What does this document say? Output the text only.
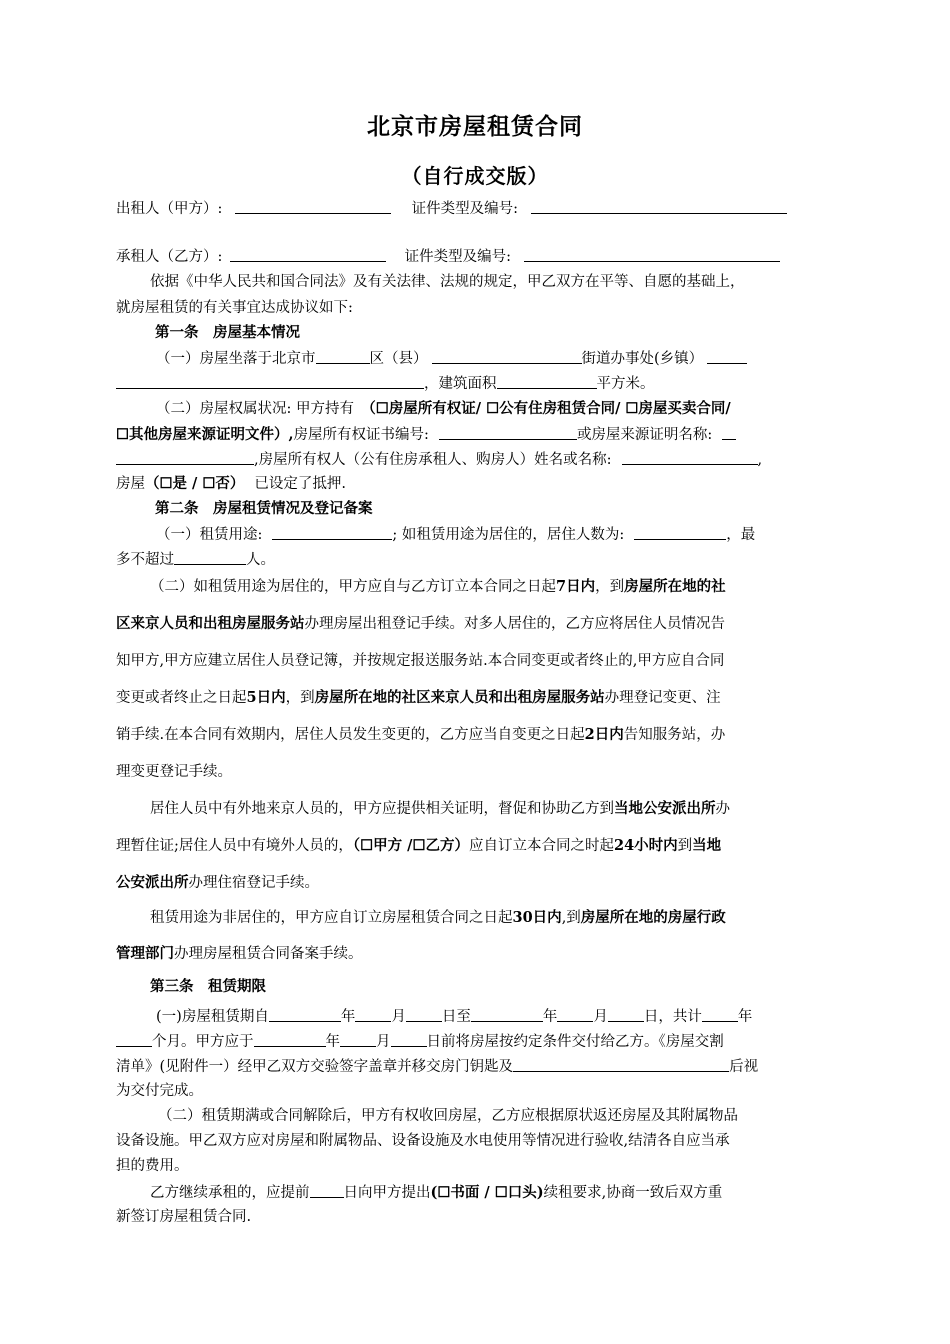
北京市房屋租赁合同
（自行成交版）
出租人（甲方）:	证件类型及编号:
承租人（乙方）:	证件类型及编号:
依据《中华人民共和国合同法》及有关法律、法规的规定，甲乙双方在平等、自愿的基础上，
就房屋租赁的有关事宜达成协议如下:
第一条　房屋基本情况
（一）房屋坐落于北京市	区（县）	街道办事处(乡镇）
，建筑面积	平方米。
（二）房屋权属状况: 甲方持有　（☐房屋所有权证/ ☐公有住房租赁合同/ ☐房屋买卖合同/
☐其他房屋来源证明文件）,房屋所有权证书编号:	或房屋来源证明名称:
,房屋所有权人（公有住房承租人、购房人）姓名或名称:	,
房屋（☐是 / ☐否） 已设定了抵押.
第二条　房屋租赁情况及登记备案
（一）租赁用途:	; 如租赁用途为居住的，居住人数为:	，最
多不超过	人。
（二）如租赁用途为居住的，甲方应自与乙方订立本合同之日起7日内，到房屋所在地的社
区来京人员和出租房屋服务站办理房屋出租登记手续。对多人居住的，乙方应将居住人员情况告
知甲方,甲方应建立居住人员登记簿，并按规定报送服务站.本合同变更或者终止的,甲方应自合同
变更或者终止之日起5日内，到房屋所在地的社区来京人员和出租房屋服务站办理登记变更、注
销手续.在本合同有效期内，居住人员发生变更的，乙方应当自变更之日起2日内告知服务站，办
理变更登记手续。
居住人员中有外地来京人员的，甲方应提供相关证明，督促和协助乙方到当地公安派出所办
理暂住证;居住人员中有境外人员的，（☐甲方 /☐乙方）应自订立本合同之时起24小时内到当地
公安派出所办理住宿登记手续。
租赁用途为非居住的，甲方应自订立房屋租赁合同之日起30日内,到房屋所在地的房屋行政
管理部门办理房屋租赁合同备案手续。
第三条　租赁期限
(一)房屋租赁期自	年 月 日至	年 月 日，共计 年
个月。甲方应于	年 月 日前将房屋按约定条件交付给乙方。《房屋交割
清单》(见附件一）经甲乙双方交验签字盖章并移交房门钥匙及	后视
为交付完成。
（二）租赁期满或合同解除后，甲方有权收回房屋，乙方应根据原状返还房屋及其附属物品
设备设施。甲乙双方应对房屋和附属物品、设备设施及水电使用等情况进行验收,结清各自应当承
担的费用。
乙方继续承租的，应提前 日向甲方提出(☐书面 / ☐口头)续租要求,协商一致后双方重
新签订房屋租赁合同.
